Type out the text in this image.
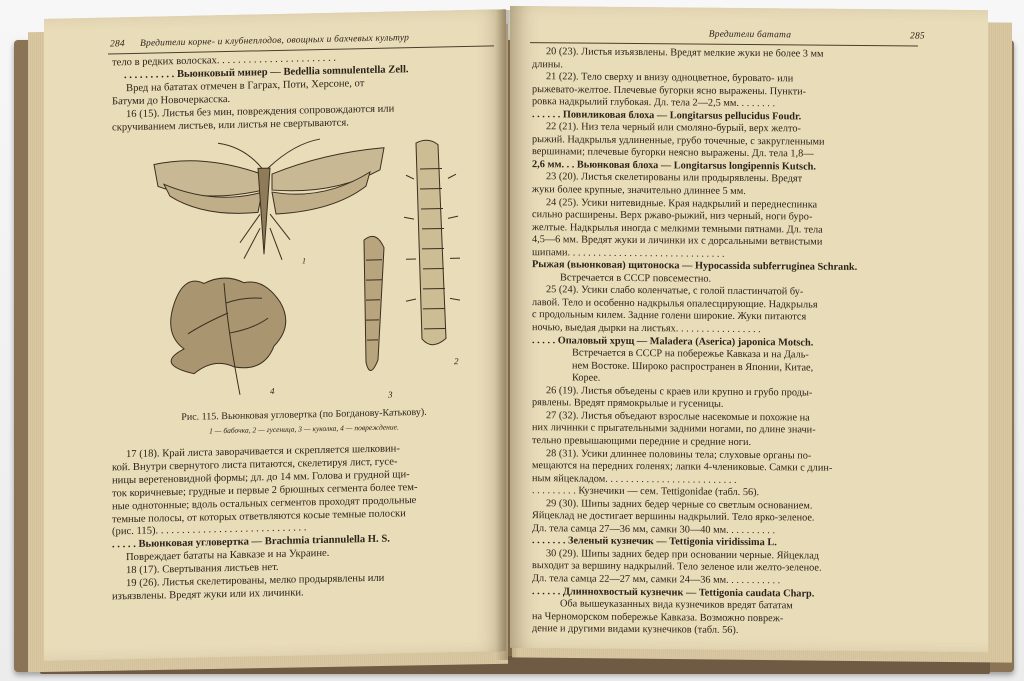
284 Вредители корне- и клубнеплодов, овощных и бахчевых культур

тело в редких волосках. . . . . . . . . . . . . . . . . . . . . . .

. . . . . . . . . . Вьюнковый минер — Bedellia somnulentella Zell.

Вред на бататах отмечен в Гаграх, Поти, Херсоне, от

Батуми до Новочеркасска.

16 (15). Листья без мин, повреждения сопровождаются или

скручиванием листьев, или листья не свертываются.

1
2
3
4
Рис. 115. Вьюнковая угловертка (по Богданову-Катькову).
1 — бабочка, 2 — гусеница, 3 — куколка, 4 — повреждение.

17 (18). Край листа заворачивается и скрепляется шелковин-

кой. Внутри свернутого листа питаются, скелетируя лист, гусе-

ницы веретеновидной формы; дл. до 14 мм. Голова и грудной щи-

ток коричневые; грудные и первые 2 брюшных сегмента более тем-

ные однотонные; вдоль остальных сегментов проходят продольные

темные полосы, от которых ответвляются косые темные полоски

(рис. 115). . . . . . . . . . . . . . . . . . . . . . . . . . . . .

. . . . . Вьюнковая угловертка — Brachmia triannulella H. S.

Повреждает бататы на Кавказе и на Украине.

18 (17). Свертывания листьев нет.

19 (26). Листья скелетированы, мелко продырявлены или

изъязвлены. Вредят жуки или их личинки.

Вредители батата	285

20 (23). Листья изъязвлены. Вредят мелкие жуки не более 3 мм

длины.

21 (22). Тело сверху и внизу одноцветное, буровато- или

рыжевато-желтое. Плечевые бугорки ясно выражены. Пункти-

ровка надкрылий глубокая. Дл. тела 2—2,5 мм. . . . . . . .

. . . . . . Повиликовая блоха — Longitarsus pellucidus Foudr.

22 (21). Низ тела черный или смолянo-бурый, верх желто-

рыжий. Надкрылья удлиненные, грубо точечные, с закругленными

вершинами; плечевые бугорки неясно выражены. Дл. тела 1,8—

2,6 мм. . . Вьюнковая блоха — Longitarsus longipennis Kutsch.

23 (20). Листья скелетированы или продырявлены. Вредят

жуки более крупные, значительно длиннее 5 мм.

24 (25). Усики нитевидные. Края надкрылий и переднеспинка

сильно расширены. Верх ржаво-рыжий, низ черный, ноги буро-

желтые. Надкрылья иногда с мелкими темными пятнами. Дл. тела

4,5—6 мм. Вредят жуки и личинки их с дорсальными ветвистыми

шипами. . . . . . . . . . . . . . . . . . . . . . . . . . . . . . .

Рыжая (вьюнковая) щитоноска — Hypocassida subferruginea Schrank.

Встречается в СССР повсеместно.

25 (24). Усики слабо коленчатые, с голой пластинчатой бу-

лавой. Тело и особенно надкрылья опалесцирующие. Надкрылья

с продольным килем. Задние голени широкие. Жуки питаются

ночью, выедая дырки на листьях. . . . . . . . . . . . . . . . .

. . . . . Опаловый хрущ — Maladera (Aserica) japonica Motsch.

Встречается в СССР на побережье Кавказа и на Даль-

нем Востоке. Широко распространен в Японии, Китае,

Корее.

26 (19). Листья объедены с краев или крупно и грубо проды-

рявлены. Вредят прямокрылые и гусеницы.

27 (32). Листья объедают взрослые насекомые и похожие на

них личинки с прыгательными задними ногами, по длине значи-

тельно превышающими передние и средние ноги.

28 (31). Усики длиннее половины тела; слуховые органы по-

мещаются на передних голенях; лапки 4-члениковые. Самки с длин-

ным яйцекладом. . . . . . . . . . . . . . . . . . . . . . . . . .

. . . . . . . . . Кузнечики — сем. Tettigonidae (табл. 56).

29 (30). Шипы задних бедер черные со светлым основанием.

Яйцеклад не достигает вершины надкрылий. Тело ярко-зеленое.

Дл. тела самца 27—36 мм, самки 30—40 мм. . . . . . . . . .

. . . . . . . Зеленый кузнечик — Tettigonia viridissima L.

30 (29). Шипы задних бедер при основании черные. Яйцеклад

выходит за вершину надкрылий. Тело зеленое или желто-зеленое.

Дл. тела самца 22—27 мм, самки 24—36 мм. . . . . . . . . . .

. . . . . . Длиннохвостый кузнечик — Tettigonia caudata Charp.

Оба вышеуказанных вида кузнечиков вредят бататам

на Черноморском побережье Кавказа. Возможно повреж-

дение и другими видами кузнечиков (табл. 56).
